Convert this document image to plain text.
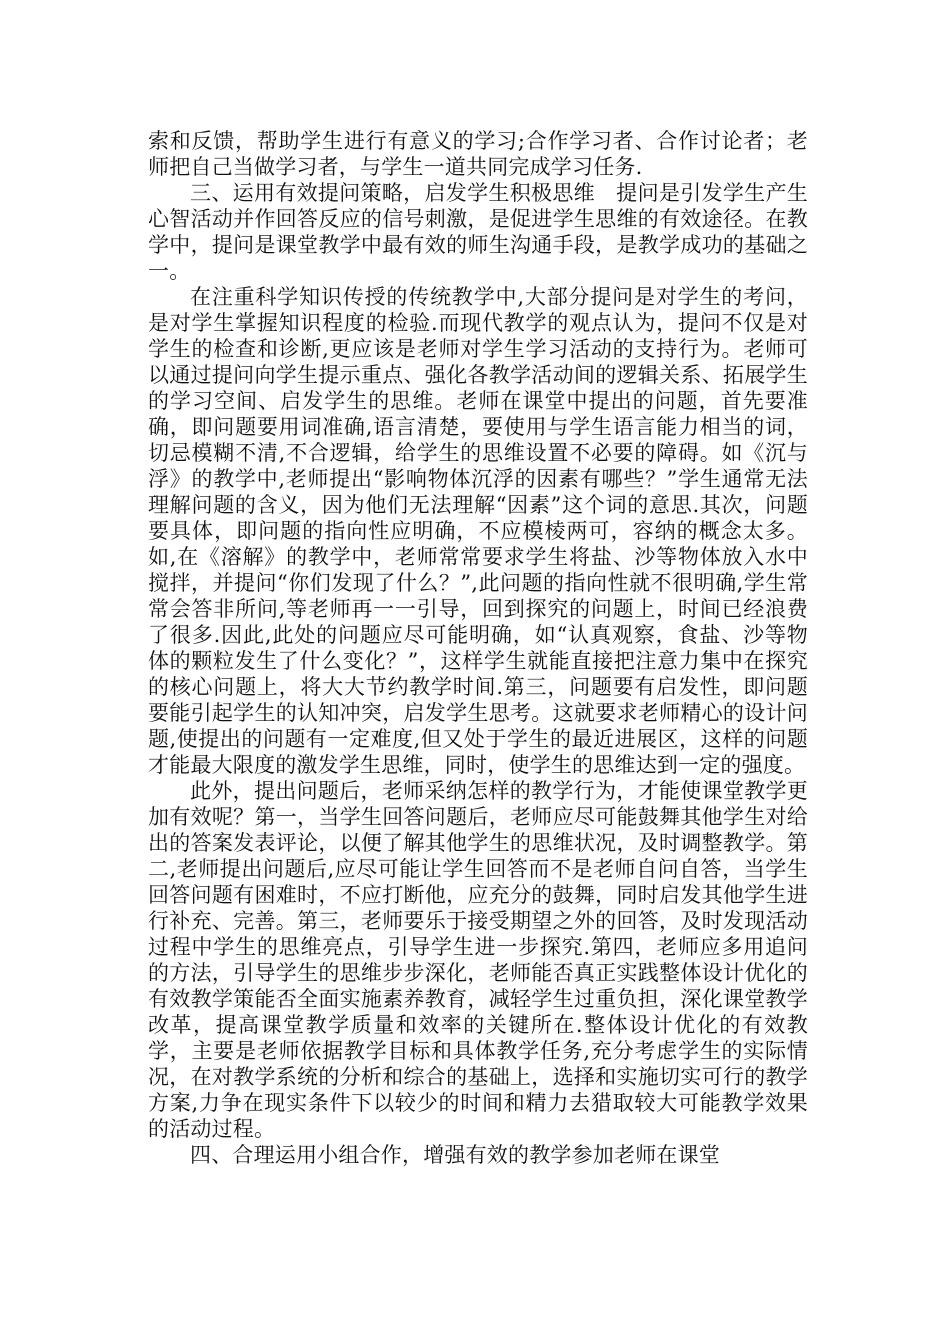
索和反馈，帮助学生进行有意义的学习;合作学习者、合作讨论者；老师把自己当做学习者，与学生一道共同完成学习任务.

三、运用有效提问策略，启发学生积极思维　提问是引发学生产生心智活动并作回答反应的信号刺激，是促进学生思维的有效途径。在教学中，提问是课堂教学中最有效的师生沟通手段，是教学成功的基础之一。

在注重科学知识传授的传统教学中,大部分提问是对学生的考问，是对学生掌握知识程度的检验.而现代教学的观点认为，提问不仅是对学生的检查和诊断,更应该是老师对学生学习活动的支持行为。老师可以通过提问向学生提示重点、强化各教学活动间的逻辑关系、拓展学生的学习空间、启发学生的思维。老师在课堂中提出的问题，首先要准确，即问题要用词准确,语言清楚，要使用与学生语言能力相当的词，切忌模糊不清,不合逻辑，给学生的思维设置不必要的障碍。如《沉与浮》的教学中,老师提出“影响物体沉浮的因素有哪些？”学生通常无法理解问题的含义，因为他们无法理解“因素”这个词的意思.其次，问题要具体，即问题的指向性应明确，不应模棱两可，容纳的概念太多。如,在《溶解》的教学中，老师常常要求学生将盐、沙等物体放入水中搅拌，并提问“你们发现了什么？”,此问题的指向性就不很明确,学生常常会答非所问,等老师再一一引导，回到探究的问题上，时间已经浪费了很多.因此,此处的问题应尽可能明确，如“认真观察，食盐、沙等物体的颗粒发生了什么变化？”，这样学生就能直接把注意力集中在探究的核心问题上，将大大节约教学时间.第三，问题要有启发性，即问题要能引起学生的认知冲突，启发学生思考。这就要求老师精心的设计问题,使提出的问题有一定难度,但又处于学生的最近进展区，这样的问题才能最大限度的激发学生思维，同时，使学生的思维达到一定的强度。

此外，提出问题后，老师采纳怎样的教学行为，才能使课堂教学更加有效呢？第一，当学生回答问题后，老师应尽可能鼓舞其他学生对给出的答案发表评论，以便了解其他学生的思维状况，及时调整教学。第二,老师提出问题后,应尽可能让学生回答而不是老师自问自答，当学生回答问题有困难时，不应打断他，应充分的鼓舞，同时启发其他学生进行补充、完善。第三，老师要乐于接受期望之外的回答，及时发现活动过程中学生的思维亮点，引导学生进一步探究.第四，老师应多用追问的方法，引导学生的思维步步深化，老师能否真正实践整体设计优化的有效教学策能否全面实施素养教育，减轻学生过重负担，深化课堂教学改革，提高课堂教学质量和效率的关键所在.整体设计优化的有效教学，主要是老师依据教学目标和具体教学任务,充分考虑学生的实际情况，在对教学系统的分析和综合的基础上，选择和实施切实可行的教学方案,力争在现实条件下以较少的时间和精力去猎取较大可能教学效果的活动过程。

四、合理运用小组合作，增强有效的教学参加老师在课堂
